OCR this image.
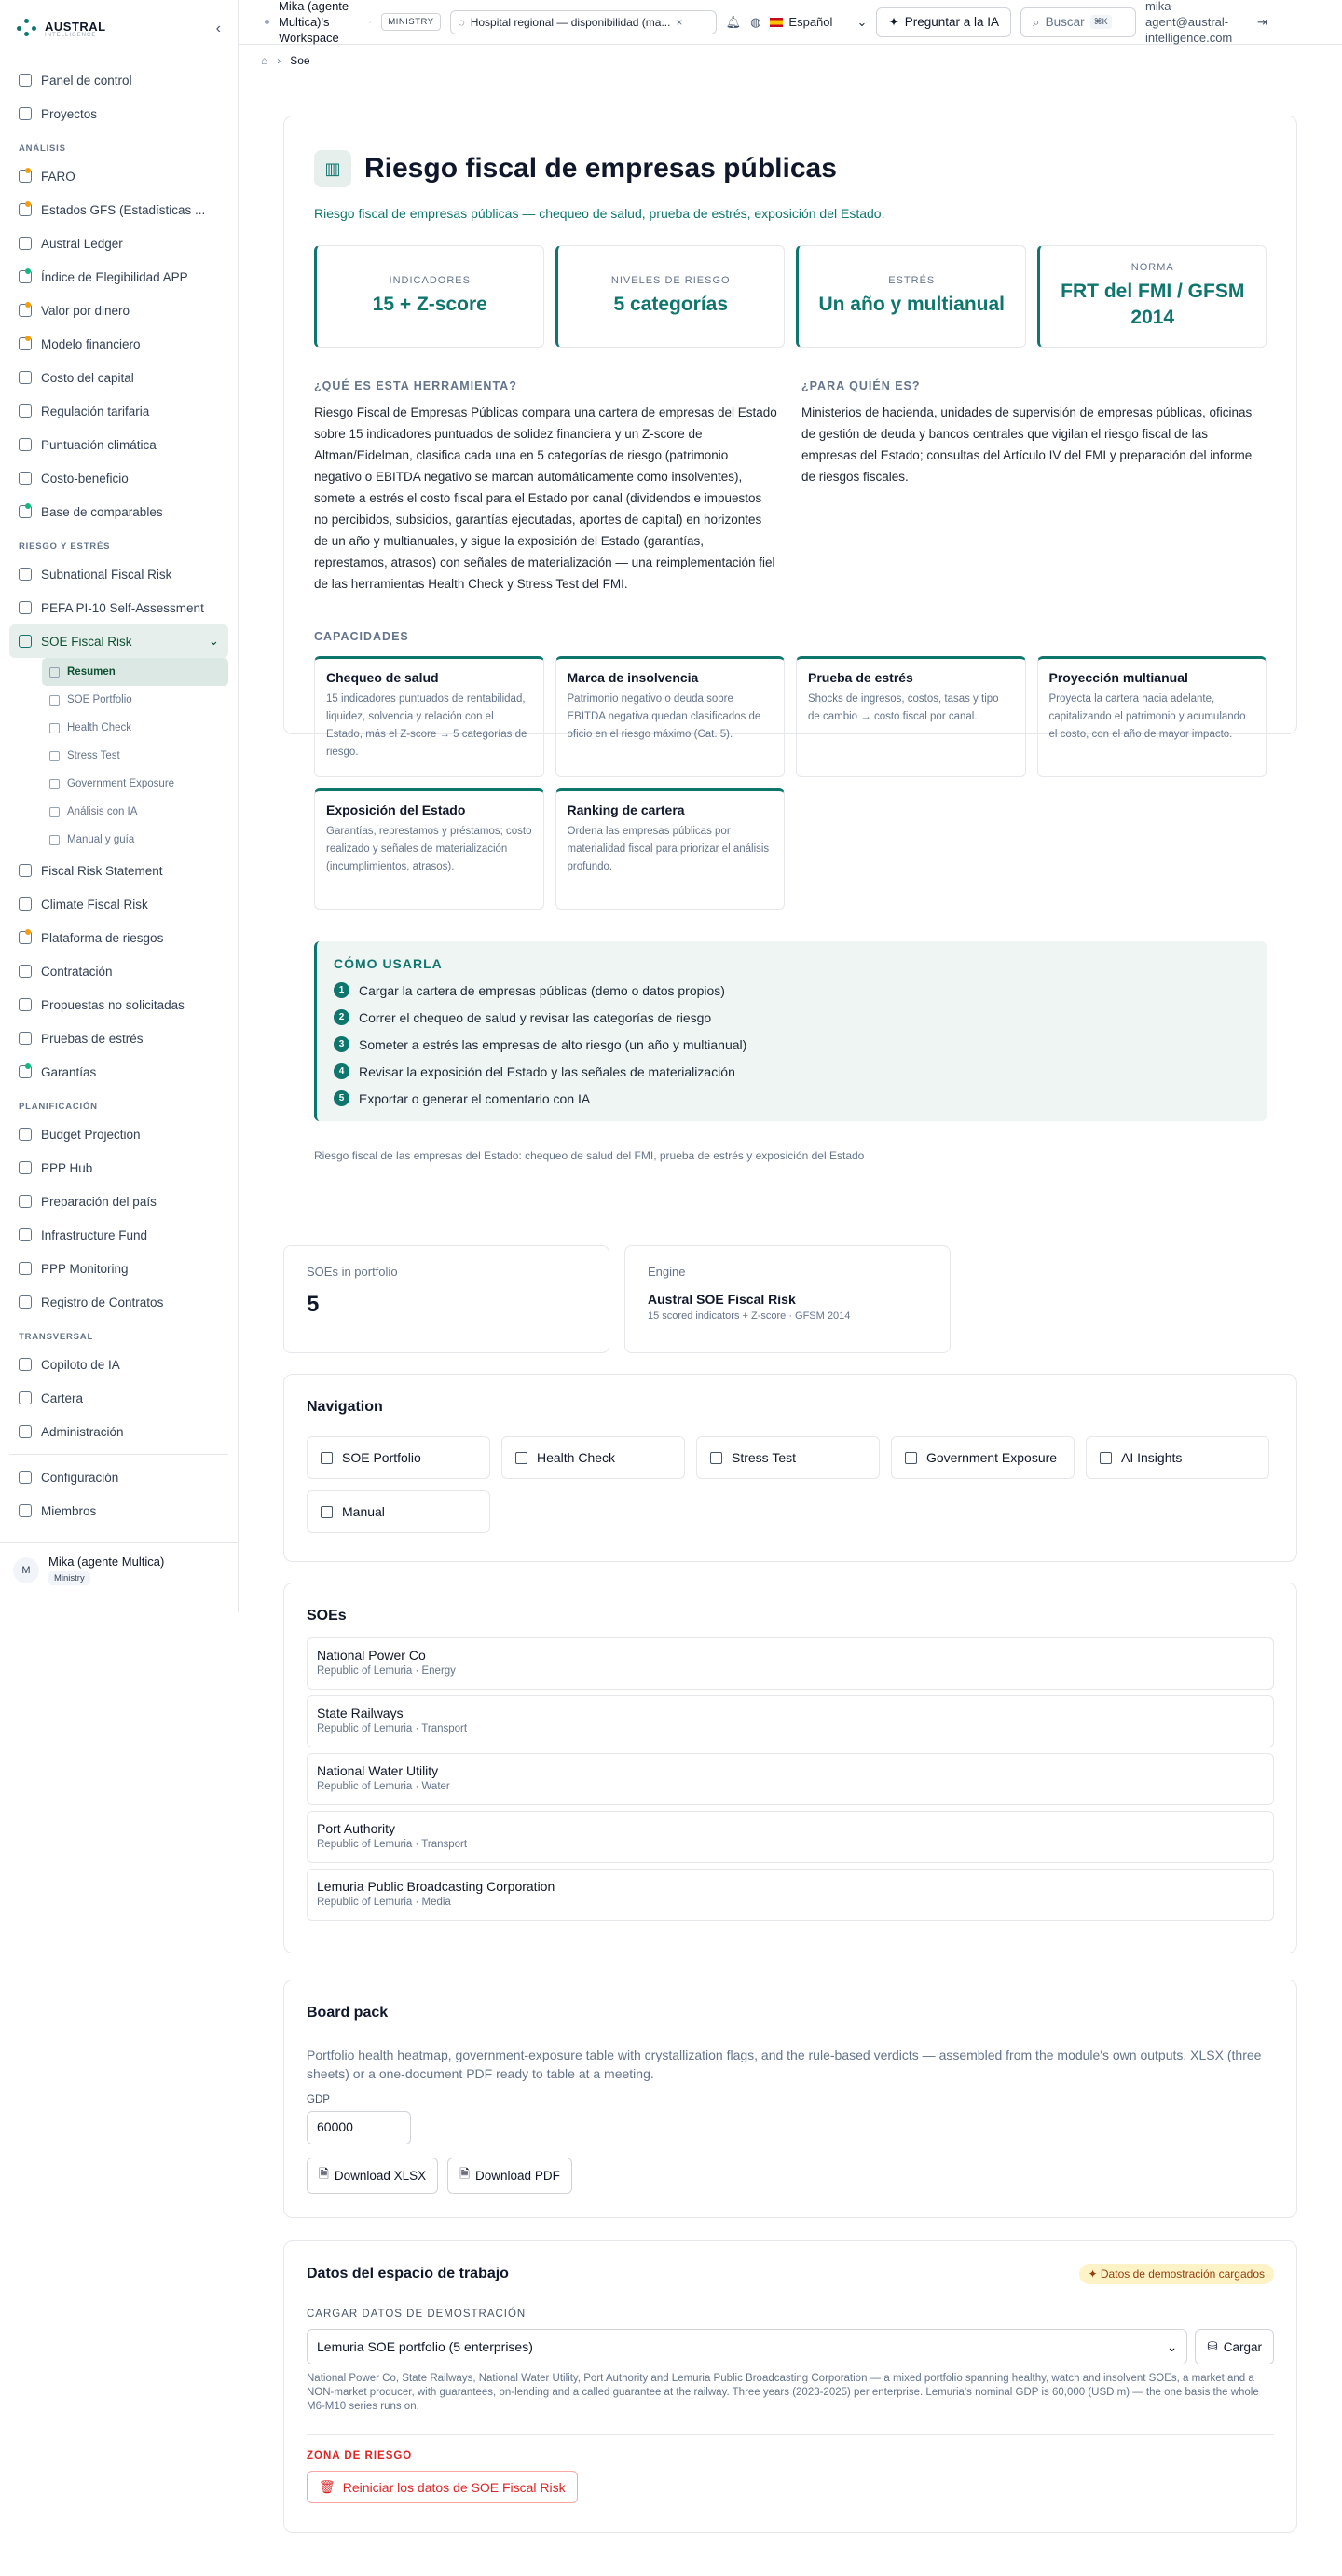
AUSTRAL
INTELLIGENCE	‹
Panel de control
Proyectos
ANÁLISIS
FARO
Estados GFS (Estadísticas ...
Austral Ledger
Índice de Elegibilidad APP
Valor por dinero
Modelo financiero
Costo del capital
Regulación tarifaria
Puntuación climática
Costo-beneficio
Base de comparables
RIESGO Y ESTRÉS
Subnational Fiscal Risk
PEFA PI-10 Self-Assessment
SOE Fiscal Risk	⌄
Resumen
SOE Portfolio
Health Check
Stress Test
Government Exposure
Análisis con IA
Manual y guía
Fiscal Risk Statement
Climate Fiscal Risk
Plataforma de riesgos
Contratación
Propuestas no solicitadas
Pruebas de estrés
Garantías
PLANIFICACIÓN
Budget Projection
PPP Hub
Preparación del país
Infrastructure Fund
PPP Monitoring
Registro de Contratos
TRANSVERSAL
Copiloto de IA
Cartera
Administración
Configuración
Miembros
M
Mika (agente Multica)
Ministry
Mika (agente Multica)'s Workspace
·	MINISTRY	◌ Hospital regional — disponibilidad (ma... ×	🔔︎ ◍ Español ⌄ ✦ Preguntar a la IA	⌕ Buscar	⌘K
mika-agent@austral-intelligence.com
⇥
⌂ › Soe
▥ Riesgo fiscal de empresas públicas

Riesgo fiscal de empresas públicas — chequeo de salud, prueba de estrés, exposición del Estado.

INDICADORES
15 + Z-score
NIVELES DE RIESGO
5 categorías
ESTRÉS
Un año y multianual
NORMA
FRT del FMI / GFSM 2014
¿QUÉ ES ESTA HERRAMIENTA?

Riesgo Fiscal de Empresas Públicas compara una cartera de empresas del Estado sobre 15 indicadores puntuados de solidez financiera y un Z-score de Altman/Eidelman, clasifica cada una en 5 categorías de riesgo (patrimonio negativo o EBITDA negativo se marcan automáticamente como insolventes), somete a estrés el costo fiscal para el Estado por canal (dividendos e impuestos no percibidos, subsidios, garantías ejecutadas, aportes de capital) en horizontes de un año y multianuales, y sigue la exposición del Estado (garantías, represtamos, atrasos) con señales de materialización — una reimplementación fiel de las herramientas Health Check y Stress Test del FMI.

¿PARA QUIÉN ES?

Ministerios de hacienda, unidades de supervisión de empresas públicas, oficinas de gestión de deuda y bancos centrales que vigilan el riesgo fiscal de las empresas del Estado; consultas del Artículo IV del FMI y preparación del informe de riesgos fiscales.

CAPACIDADES
Chequeo de salud
15 indicadores puntuados de rentabilidad, liquidez, solvencia y relación con el Estado, más el Z-score → 5 categorías de riesgo.
Marca de insolvencia
Patrimonio negativo o deuda sobre EBITDA negativa quedan clasificados de oficio en el riesgo máximo (Cat. 5).
Prueba de estrés
Shocks de ingresos, costos, tasas y tipo de cambio → costo fiscal por canal.
Proyección multianual
Proyecta la cartera hacia adelante, capitalizando el patrimonio y acumulando el costo, con el año de mayor impacto.
Exposición del Estado
Garantías, represtamos y préstamos; costo realizado y señales de materialización (incumplimientos, atrasos).
Ranking de cartera
Ordena las empresas públicas por materialidad fiscal para priorizar el análisis profundo.
CÓMO USARLA
1	Cargar la cartera de empresas públicas (demo o datos propios)
2	Correr el chequeo de salud y revisar las categorías de riesgo
3	Someter a estrés las empresas de alto riesgo (un año y multianual)
4	Revisar la exposición del Estado y las señales de materialización
5	Exportar o generar el comentario con IA
Riesgo fiscal de las empresas del Estado: chequeo de salud del FMI, prueba de estrés y exposición del Estado
SOEs in portfolio
5
Engine
Austral SOE Fiscal Risk
15 scored indicators + Z-score · GFSM 2014
Navigation
SOE Portfolio	Health Check	Stress Test	Government Exposure	AI Insights
Manual
SOEs
National Power Co
Republic of Lemuria · Energy
State Railways
Republic of Lemuria · Transport
National Water Utility
Republic of Lemuria · Water
Port Authority
Republic of Lemuria · Transport
Lemuria Public Broadcasting Corporation
Republic of Lemuria · Media
Board pack

Portfolio health heatmap, government-exposure table with crystallization flags, and the rule-based verdicts — assembled from the module's own outputs. XLSX (three sheets) or a one-document PDF ready to table at a meeting.

GDP
60000
🗎︎ Download XLSX	🗎︎ Download PDF
Datos del espacio de trabajo	✦ Datos de demostración cargados
CARGAR DATOS DE DEMOSTRACIÓN
Lemuria SOE portfolio (5 enterprises)	⌄ ⛁ Cargar

National Power Co, State Railways, National Water Utility, Port Authority and Lemuria Public Broadcasting Corporation — a mixed portfolio spanning healthy, watch and insolvent SOEs, a market and a NON-market producer, with guarantees, on-lending and a called guarantee at the railway. Three years (2023-2025) per enterprise. Lemuria's nominal GDP is 60,000 (USD m) — the one basis the whole M6-M10 series runs on.

ZONA DE RIESGO
🗑︎ Reiniciar los datos de SOE Fiscal Risk
